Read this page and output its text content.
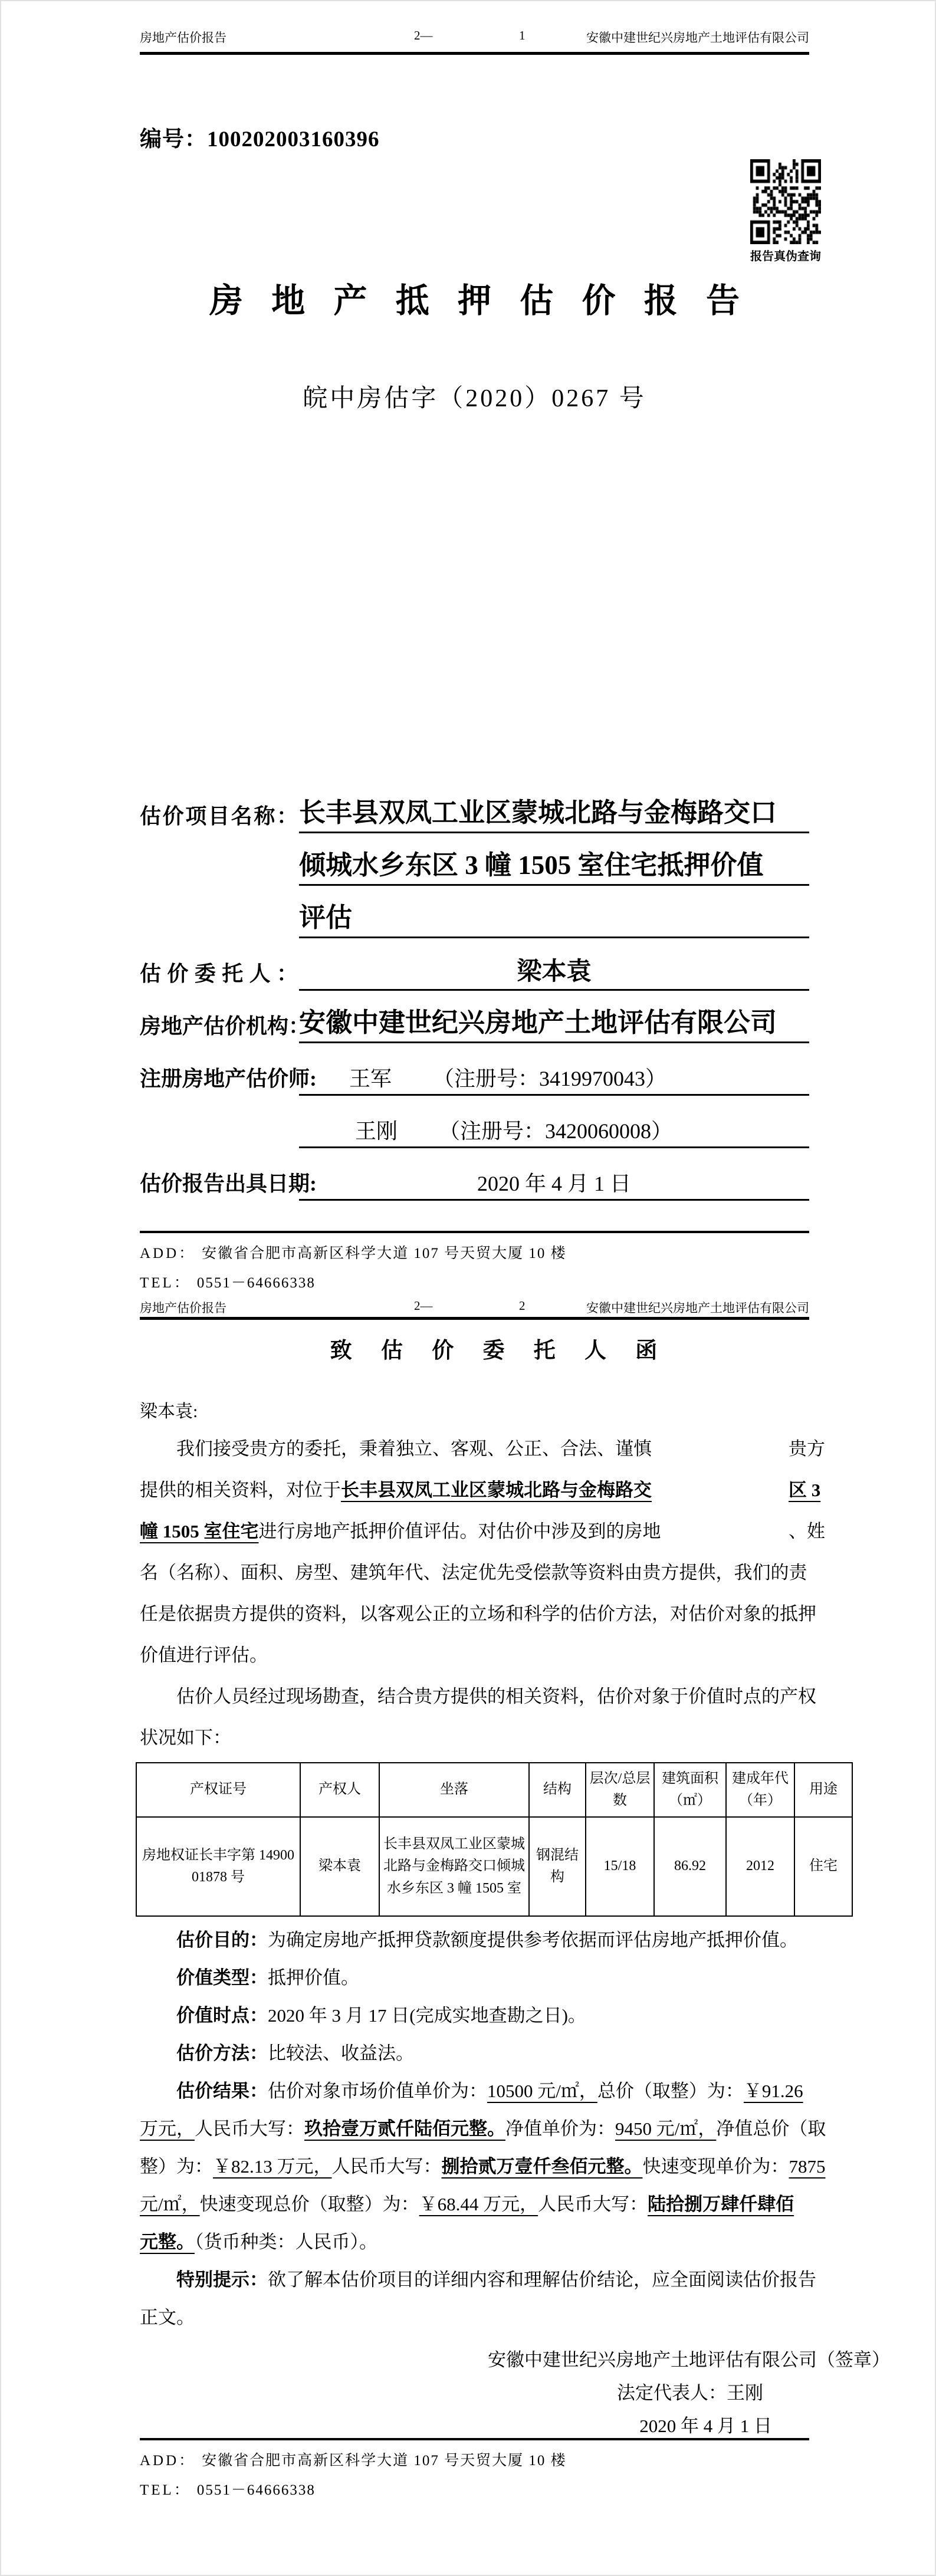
房地产估价报告	2—	1	安徽中建世纪兴房地产土地评估有限公司
编号：100202003160396
报告真伪查询
房 地 产 抵 押 估 价 报 告
皖中房估字（2020）0267 号
估价项目名称： 长丰县双凤工业区蒙城北路与金梅路交口
倾城水乡东区 3 幢 1505 室住宅抵押价值
评估
估价委托人：	梁本袁
房地产估价机构：
安徽中建世纪兴房地产土地评估有限公司
注册房地产估价师:	王军 （注册号：3419970043）
王刚 （注册号：3420060008）
估价报告出具日期:	2020 年 4 月 1 日
ADD： 安徽省合肥市高新区科学大道 107 号天贸大厦 10 楼
TEL： 0551－64666338
房地产估价报告	2—	2	安徽中建世纪兴房地产土地评估有限公司
致 估 价 委 托 人 函
梁本袁:
我们接受贵方的委托，秉着独立、客观、公正、合法、谨慎	贵方
提供的相关资料，对位于长丰县双凤工业区蒙城北路与金梅路交	区 3
幢 1505 室住宅进行房地产抵押价值评估。对估价中涉及到的房地	、姓
名（名称）、面积、房型、建筑年代、法定优先受偿款等资料由贵方提供，我们的责
任是依据贵方提供的资料，以客观公正的立场和科学的估价方法，对估价对象的抵押
价值进行评估。
估价人员经过现场勘查，结合贵方提供的相关资料，估价对象于价值时点的产权
状况如下：
产权证号	产权人	坐落	结构	层次/总层数	建筑面积（㎡）	建成年代（年）	用途
房地权证长丰字第 1490001878 号	梁本袁	长丰县双凤工业区蒙城北路与金梅路交口倾城水乡东区 3 幢 1505 室	钢混结构	15/18	86.92	2012	住宅
估价目的：为确定房地产抵押贷款额度提供参考依据而评估房地产抵押价值。
价值类型：抵押价值。
价值时点：2020 年 3 月 17 日(完成实地查勘之日)。
估价方法：比较法、收益法。
估价结果：估价对象市场价值单价为：10500 元/㎡，总价（取整）为：￥91.26
万元，人民币大写：玖拾壹万贰仟陆佰元整。净值单价为：9450 元/㎡，净值总价（取
整）为：￥82.13 万元，人民币大写：捌拾贰万壹仟叁佰元整。快速变现单价为：7875
元/㎡，快速变现总价（取整）为：￥68.44 万元，人民币大写：陆拾捌万肆仟肆佰
元整。（货币种类：人民币）。
特别提示：欲了解本估价项目的详细内容和理解估价结论，应全面阅读估价报告
正文。
安徽中建世纪兴房地产土地评估有限公司（签章）
法定代表人：王刚
2020 年 4 月 1 日
ADD： 安徽省合肥市高新区科学大道 107 号天贸大厦 10 楼
TEL： 0551－64666338
